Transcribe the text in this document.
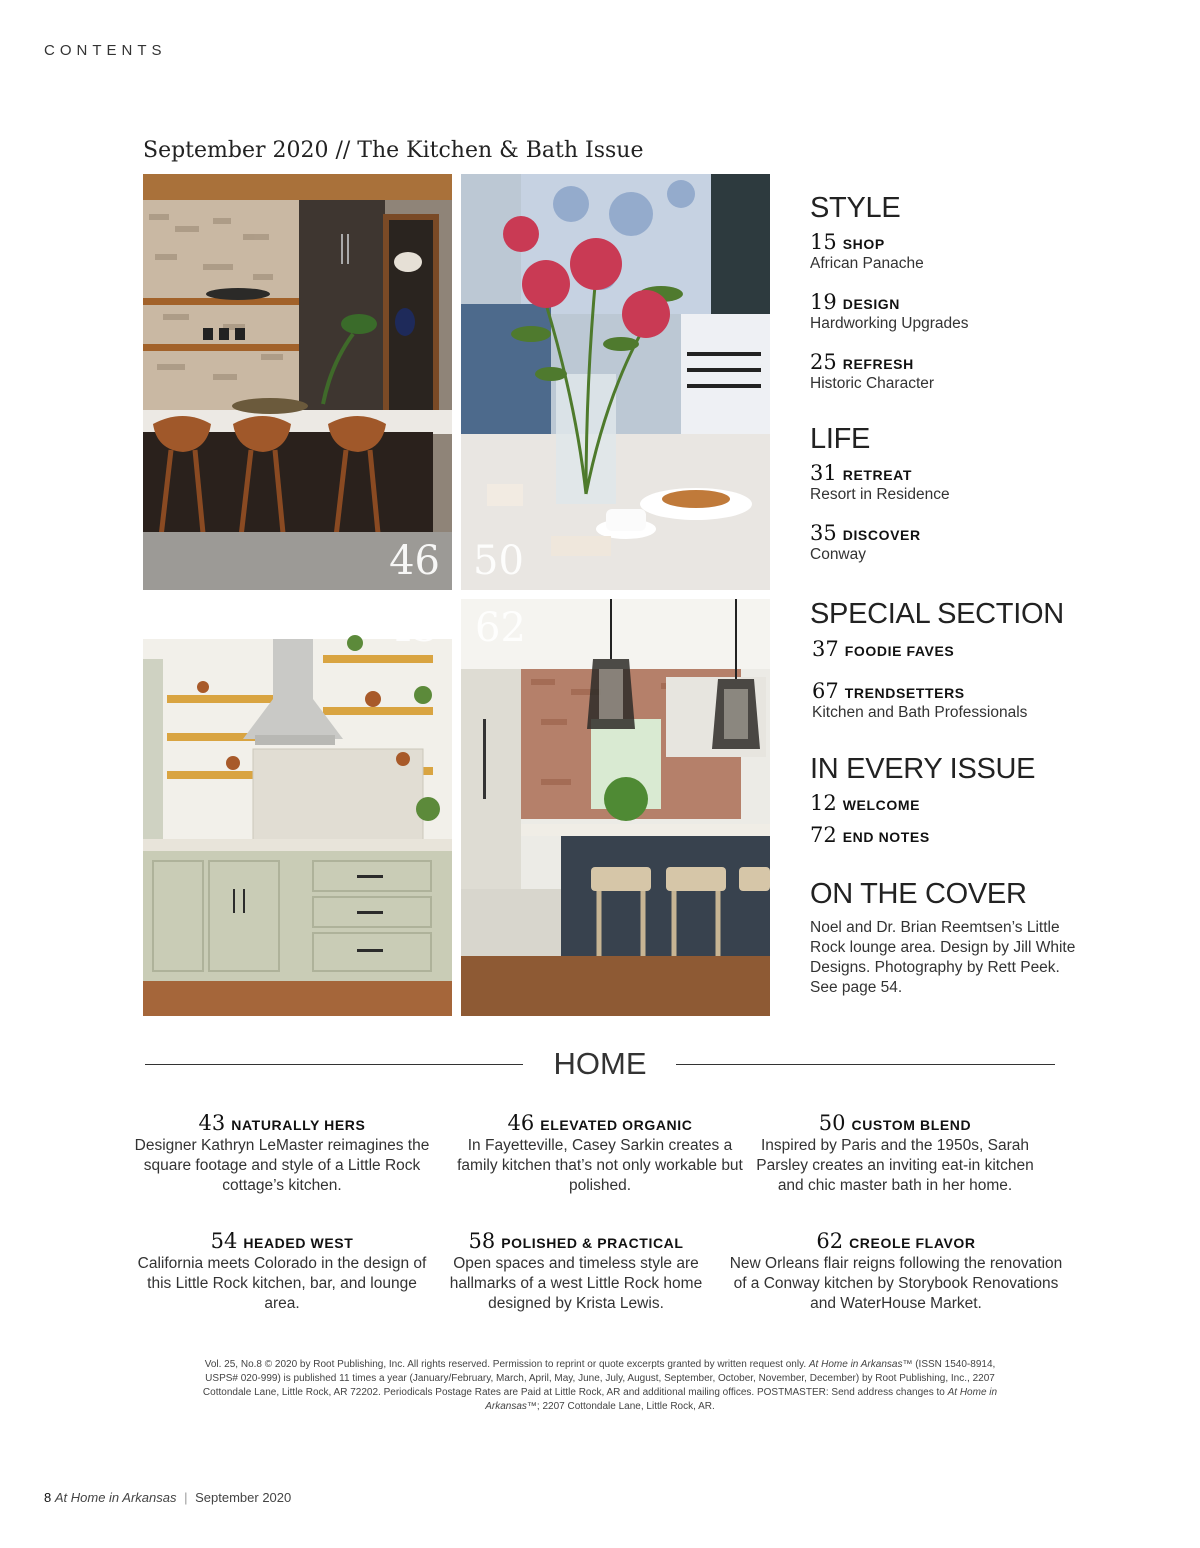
CONTENTS
September 2020 // The Kitchen & Bath Issue
46 50
43 62
STYLE
15 SHOP
African Panache
19 DESIGN
Hardworking Upgrades
25 REFRESH
Historic Character
LIFE
31 RETREAT
Resort in Residence
35 DISCOVER
Conway
SPECIAL SECTION
37 FOODIE FAVES
67 TRENDSETTERS
Kitchen and Bath Professionals
IN EVERY ISSUE
12 WELCOME
72 END NOTES
ON THE COVER
Noel and Dr. Brian Reemtsen’s Little Rock lounge area. Design by Jill White Designs. Photography by Rett Peek. See page 54.
HOME
43 NATURALLY HERS
Designer Kathryn LeMaster reimagines the square footage and style of a Little Rock cottage’s kitchen.
46 ELEVATED ORGANIC
In Fayetteville, Casey Sarkin creates a family kitchen that’s not only workable but polished.
50 CUSTOM BLEND
Inspired by Paris and the 1950s, Sarah Parsley creates an inviting eat-in kitchen and chic master bath in her home.
54 HEADED WEST
California meets Colorado in the design of this Little Rock kitchen, bar, and lounge area.
58 POLISHED & PRACTICAL
Open spaces and timeless style are hallmarks of a west Little Rock home designed by Krista Lewis.
62 CREOLE FLAVOR
New Orleans flair reigns following the renovation of a Conway kitchen by Storybook Renovations and WaterHouse Market.
Vol. 25, No.8 © 2020 by Root Publishing, Inc. All rights reserved. Permission to reprint or quote excerpts granted by written request only. At Home in Arkansas™ (ISSN 1540-8914, USPS# 020-999) is published 11 times a year (January/February, March, April, May, June, July, August, September, October, November, December) by Root Publishing, Inc., 2207 Cottondale Lane, Little Rock, AR 72202. Periodicals Postage Rates are Paid at Little Rock, AR and additional mailing offices. POSTMASTER: Send address changes to At Home in Arkansas™; 2207 Cottondale Lane, Little Rock, AR.
8 At Home in Arkansas | September 2020
